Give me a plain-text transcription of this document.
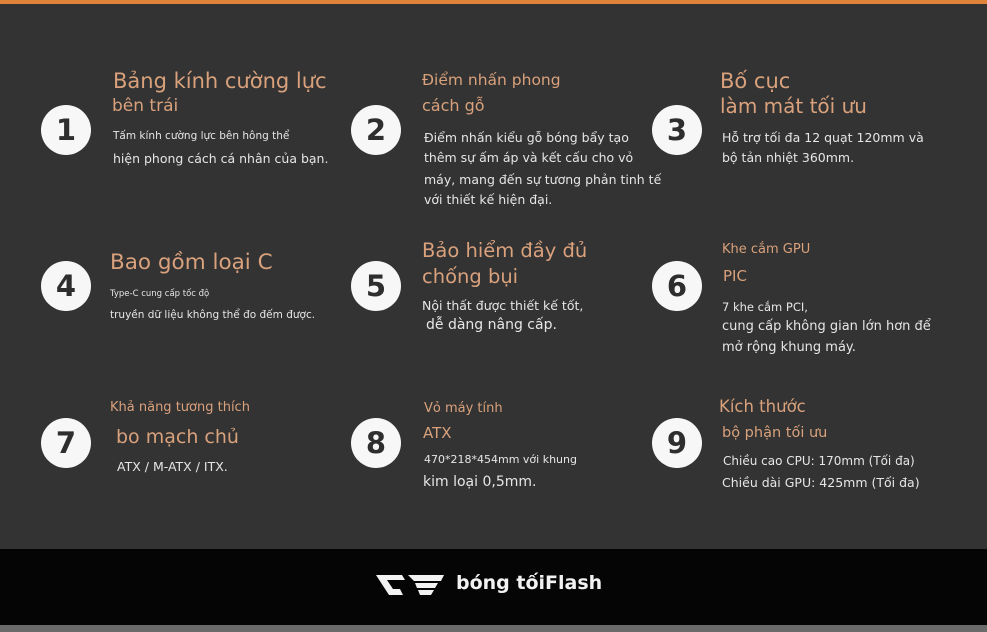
1

Bảng kính cường lực

bên trái

Tấm kính cường lực bên hông thể

hiện phong cách cá nhân của bạn.

2

Điểm nhấn phong

cách gỗ

Điểm nhấn kiểu gỗ bóng bẩy tạo

thêm sự ấm áp và kết cấu cho vỏ

máy, mang đến sự tương phản tinh tế

với thiết kế hiện đại.

3

Bố cục

làm mát tối ưu

Hỗ trợ tối đa 12 quạt 120mm và

bộ tản nhiệt 360mm.

4

Bao gồm loại C

Type-C cung cấp tốc độ

truyền dữ liệu không thể đo đếm được.

5

Bảo hiểm đầy đủ

chống bụi

Nội thất được thiết kế tốt,

dễ dàng nâng cấp.

6

Khe cắm GPU

PIC

7 khe cắm PCI,

cung cấp không gian lớn hơn để

mở rộng khung máy.

7

Khả năng tương thích

bo mạch chủ

ATX / M-ATX / ITX.

8

Vỏ máy tính

ATX

470*218*454mm với khung

kim loại 0,5mm.

9

Kích thước

bộ phận tối ưu

Chiều cao CPU: 170mm (Tối đa)

Chiều dài GPU: 425mm (Tối đa)

bóng tốiFlash
